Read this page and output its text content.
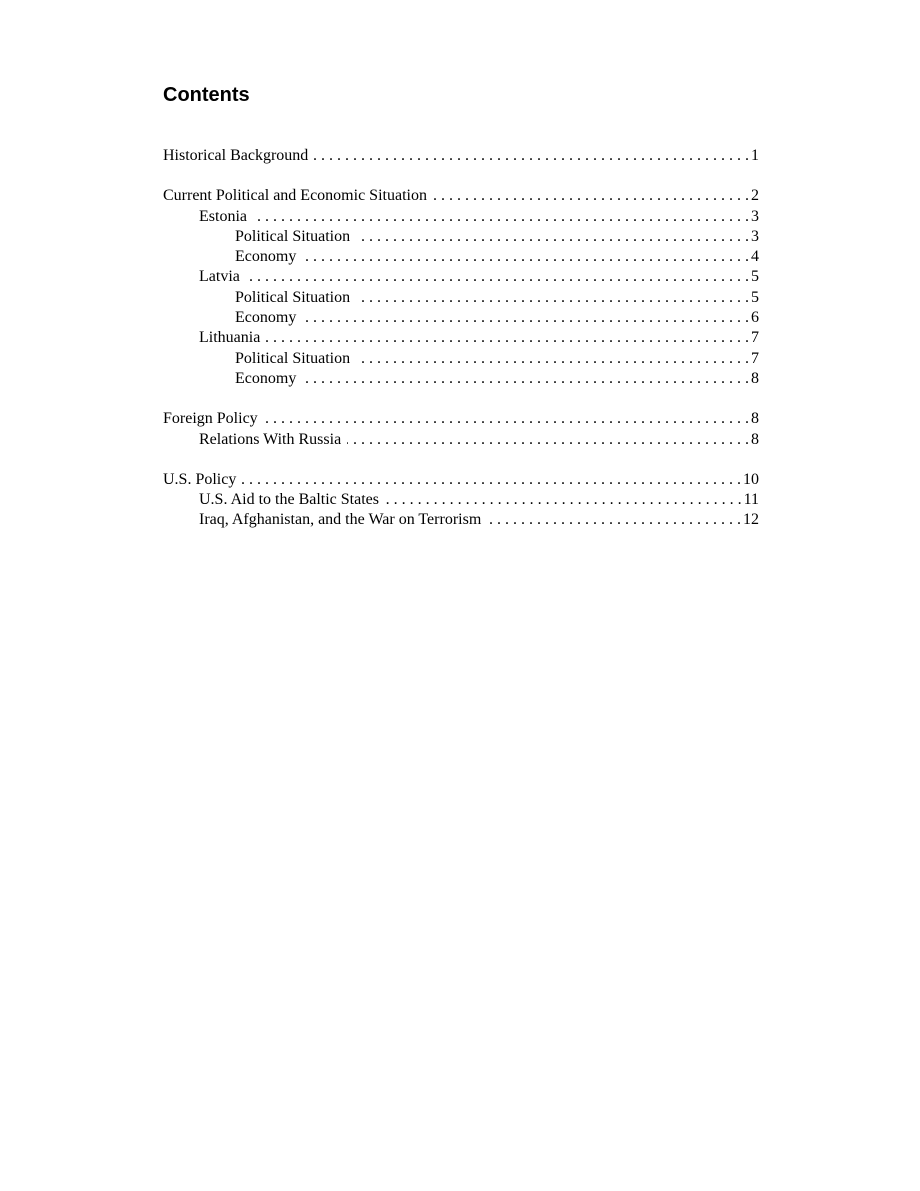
Contents
Historical Background . . .	1
Current Political and Economic Situation . . .	2
Estonia . . .	3
Political Situation . . .	3
Economy . . .	4
Latvia . . .	5
Political Situation . . .	5
Economy . . .	6
Lithuania . . .	7
Political Situation . . .	7
Economy . . .	8
Foreign Policy . . .	8
Relations With Russia . . .	8
U.S. Policy . . .	10
U.S. Aid to the Baltic States . . .	11
Iraq, Afghanistan, and the War on Terrorism . . .	12
